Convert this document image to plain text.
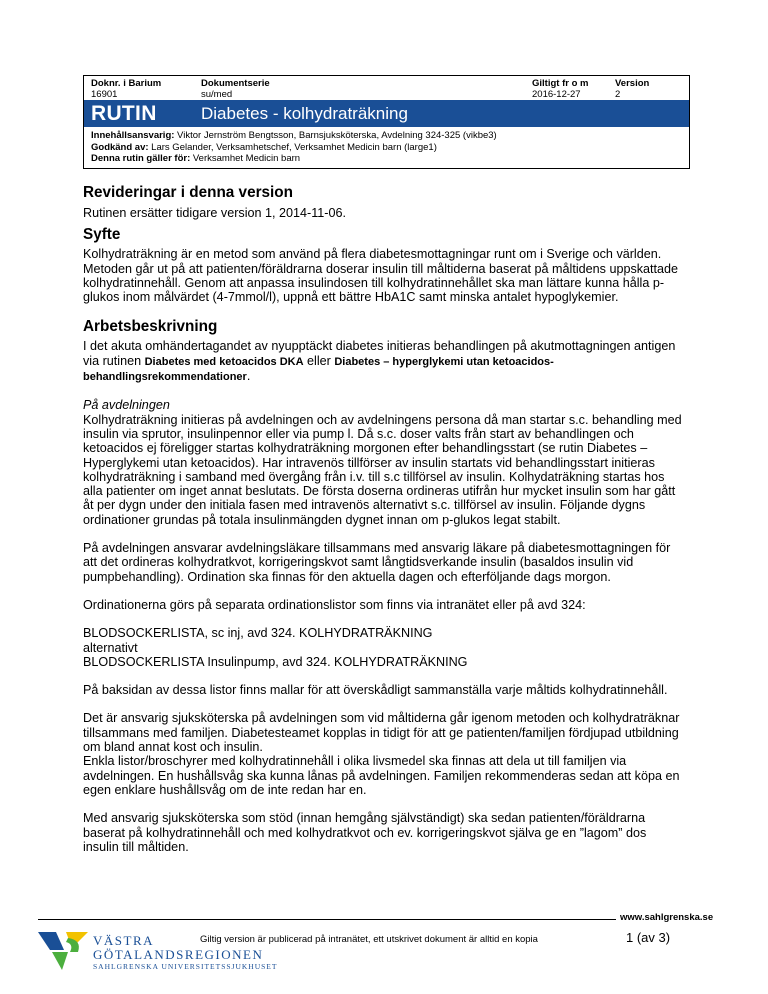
Doknr. i Barium
16901
Dokumentserie
su/med
Giltigt fr o m
2016-12-27
Version
2
RUTIN	Diabetes - kolhydraträkning
Innehållsansvarig: Viktor Jernström Bengtsson, Barnsjuksköterska, Avdelning 324-325 (vikbe3)
Godkänd av: Lars Gelander, Verksamhetschef, Verksamhet Medicin barn (large1)
Denna rutin gäller för: Verksamhet Medicin barn
Revideringar i denna version

Rutinen ersätter tidigare version 1, 2014-11-06.

Syfte

Kolhydraträkning är en metod som använd på flera diabetesmottagningar runt om i Sverige och världen. Metoden går ut på att patienten/föräldrarna doserar insulin till måltiderna baserat på måltidens uppskattade kolhydratinnehåll. Genom att anpassa insulindosen till kolhydratinnehållet ska man lättare kunna hålla p-glukos inom målvärdet (4-7mmol/l), uppnå ett bättre HbA1C samt minska antalet hypoglykemier.

Arbetsbeskrivning

I det akuta omhändertagandet av nyupptäckt diabetes initieras behandlingen på akutmottagningen antigen via rutinen Diabetes med ketoacidos DKA eller Diabetes – hyperglykemi utan ketoacidos-behandlingsrekommendationer.

På avdelningen

Kolhydraträkning initieras på avdelningen och av avdelningens persona då man startar s.c. behandling med insulin via sprutor, insulinpennor eller via pump l. Då s.c. doser valts från start av behandlingen och ketoacidos ej föreligger startas kolhydraträkning morgonen efter behandlingsstart (se rutin Diabetes – Hyperglykemi utan ketoacidos). Har intravenös tillförser av insulin startats vid behandlingsstart initieras kolhydraträkning i samband med övergång från i.v. till s.c tillförsel av insulin. Kolhydaträkning startas hos alla patienter om inget annat beslutats. De första doserna ordineras utifrån hur mycket insulin som har gått åt per dygn under den initiala fasen med intravenös alternativt s.c. tillförsel av insulin. Följande dygns ordinationer grundas på totala insulinmängden dygnet innan om p-glukos legat stabilt.

På avdelningen ansvarar avdelningsläkare tillsammans med ansvarig läkare på diabetesmottagningen för att det ordineras kolhydratkvot, korrigeringskvot samt långtidsverkande insulin (basaldos insulin vid pumpbehandling). Ordination ska finnas för den aktuella dagen och efterföljande dags morgon.

Ordinationerna görs på separata ordinationslistor som finns via intranätet eller på avd 324:

BLODSOCKERLISTA, sc inj, avd 324. KOLHYDRATRÄKNING

alternativt

BLODSOCKERLISTA Insulinpump, avd 324. KOLHYDRATRÄKNING

På baksidan av dessa listor finns mallar för att överskådligt sammanställa varje måltids kolhydratinnehåll.

Det är ansvarig sjuksköterska på avdelningen som vid måltiderna går igenom metoden och kolhydraträknar tillsammans med familjen. Diabetesteamet kopplas in tidigt för att ge patienten/familjen fördjupad utbildning om bland annat kost och insulin.

Enkla listor/broschyrer med kolhydratinnehåll i olika livsmedel ska finnas att dela ut till familjen via avdelningen. En hushållsvåg ska kunna lånas på avdelningen. Familjen rekommenderas sedan att köpa en egen enklare hushållsvåg om de inte redan har en.

Med ansvarig sjuksköterska som stöd (innan hemgång självständigt) ska sedan patienten/föräldrarna baserat på kolhydratinnehåll och med kolhydratkvot och ev. korrigeringskvot själva ge en ”lagom” dos insulin till måltiden.

www.sahlgrenska.se
VÄSTRA
GÖTALANDSREGIONEN
SAHLGRENSKA UNIVERSITETSSJUKHUSET
Giltig version är publicerad på intranätet, ett utskrivet dokument är alltid en kopia	1 (av 3)
